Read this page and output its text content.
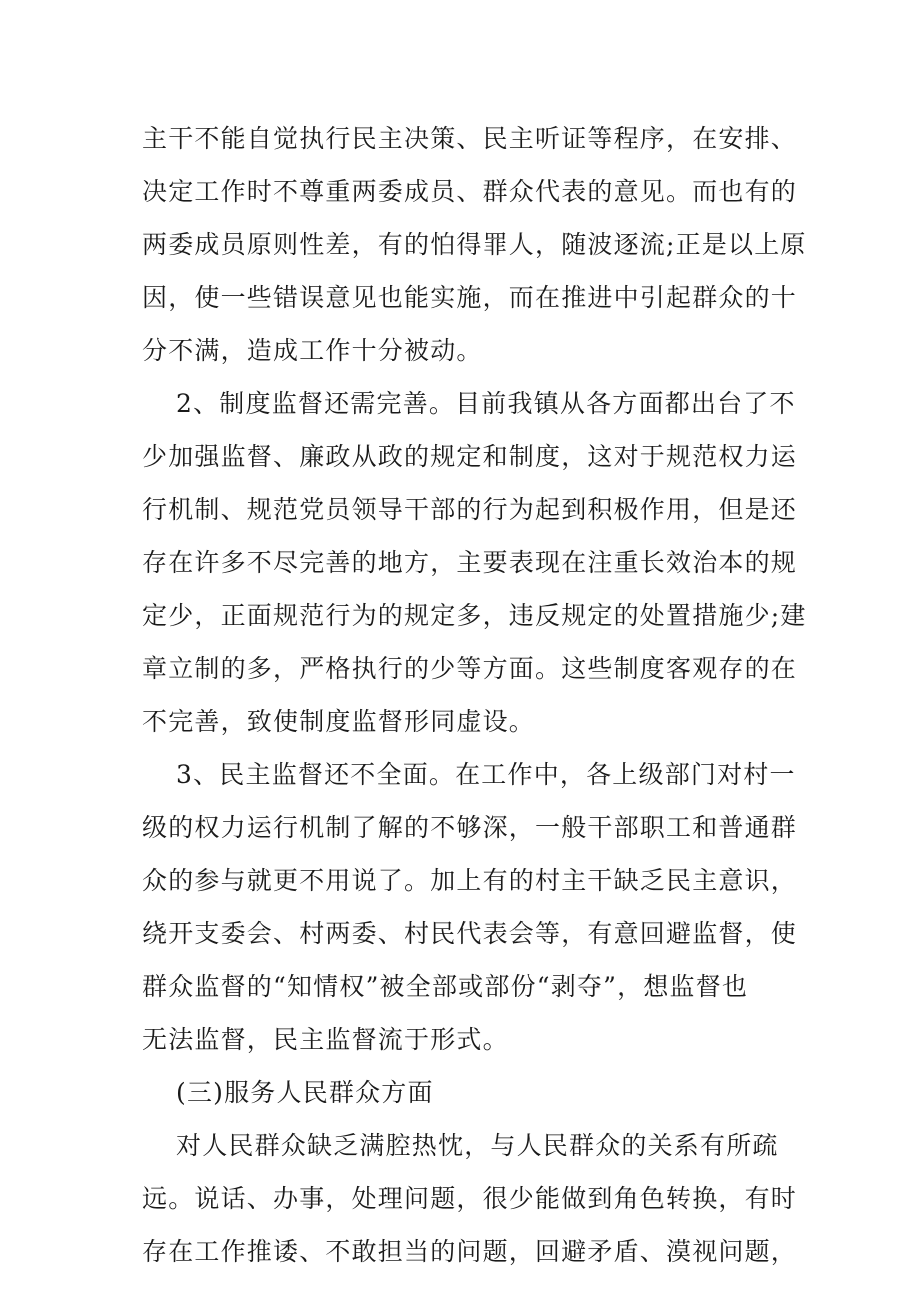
主干不能自觉执行民主决策、民主听证等程序，在安排、
决定工作时不尊重两委成员、群众代表的意见。而也有的
两委成员原则性差，有的怕得罪人，随波逐流;正是以上原
因，使一些错误意见也能实施，而在推进中引起群众的十
分不满，造成工作十分被动。
2、制度监督还需完善。目前我镇从各方面都出台了不
少加强监督、廉政从政的规定和制度，这对于规范权力运
行机制、规范党员领导干部的行为起到积极作用，但是还
存在许多不尽完善的地方，主要表现在注重长效治本的规
定少，正面规范行为的规定多，违反规定的处置措施少;建
章立制的多，严格执行的少等方面。这些制度客观存的在
不完善，致使制度监督形同虚设。
3、民主监督还不全面。在工作中，各上级部门对村一
级的权力运行机制了解的不够深，一般干部职工和普通群
众的参与就更不用说了。加上有的村主干缺乏民主意识，
绕开支委会、村两委、村民代表会等，有意回避监督，使
群众监督的“知情权”被全部或部份“剥夺”，想监督也
无法监督，民主监督流于形式。
(三)服务人民群众方面
对人民群众缺乏满腔热忱，与人民群众的关系有所疏
远。说话、办事，处理问题，很少能做到角色转换，有时
存在工作推诿、不敢担当的问题，回避矛盾、漠视问题，
